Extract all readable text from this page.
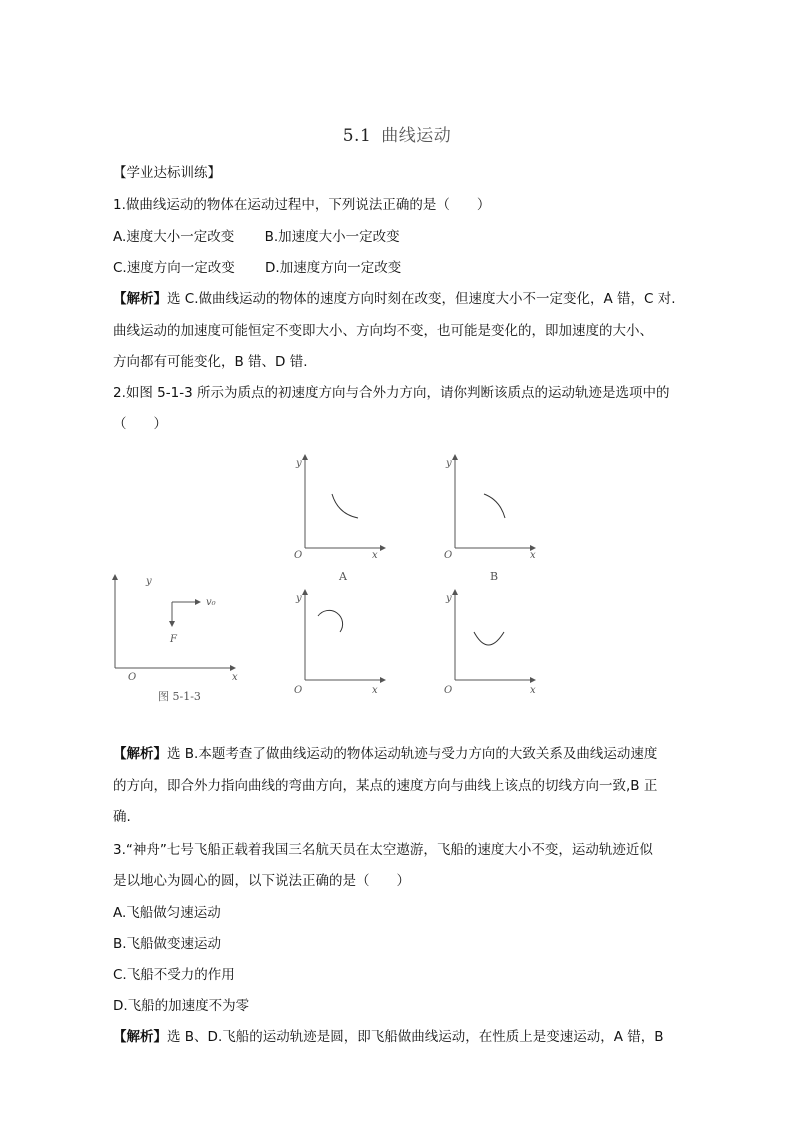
5.1 曲线运动
【学业达标训练】
1.做曲线运动的物体在运动过程中，下列说法正确的是（　　）
A.速度大小一定改变 B.加速度大小一定改变
C.速度方向一定改变 D.加速度方向一定改变
【解析】选 C.做曲线运动的物体的速度方向时刻在改变，但速度大小不一定变化，A 错，C 对.
曲线运动的加速度可能恒定不变即大小、方向均不变，也可能是变化的，即加速度的大小、
方向都有可能变化，B 错、D 错.
2.如图 5-1-3 所示为质点的初速度方向与合外力方向，请你判断该质点的运动轨迹是选项中的
（　　）
y
x
O
v₀
F
图 5-1-3
y
x
O
A
y
x
O
B
y
x
O
y
x
O
【解析】选 B.本题考查了做曲线运动的物体运动轨迹与受力方向的大致关系及曲线运动速度
的方向，即合外力指向曲线的弯曲方向，某点的速度方向与曲线上该点的切线方向一致,B 正
确.
3.“神舟”七号飞船正载着我国三名航天员在太空遨游，飞船的速度大小不变，运动轨迹近似
是以地心为圆心的圆，以下说法正确的是（　　）
A.飞船做匀速运动
B.飞船做变速运动
C.飞船不受力的作用
D.飞船的加速度不为零
【解析】选 B、D.飞船的运动轨迹是圆，即飞船做曲线运动，在性质上是变速运动，A 错，B
